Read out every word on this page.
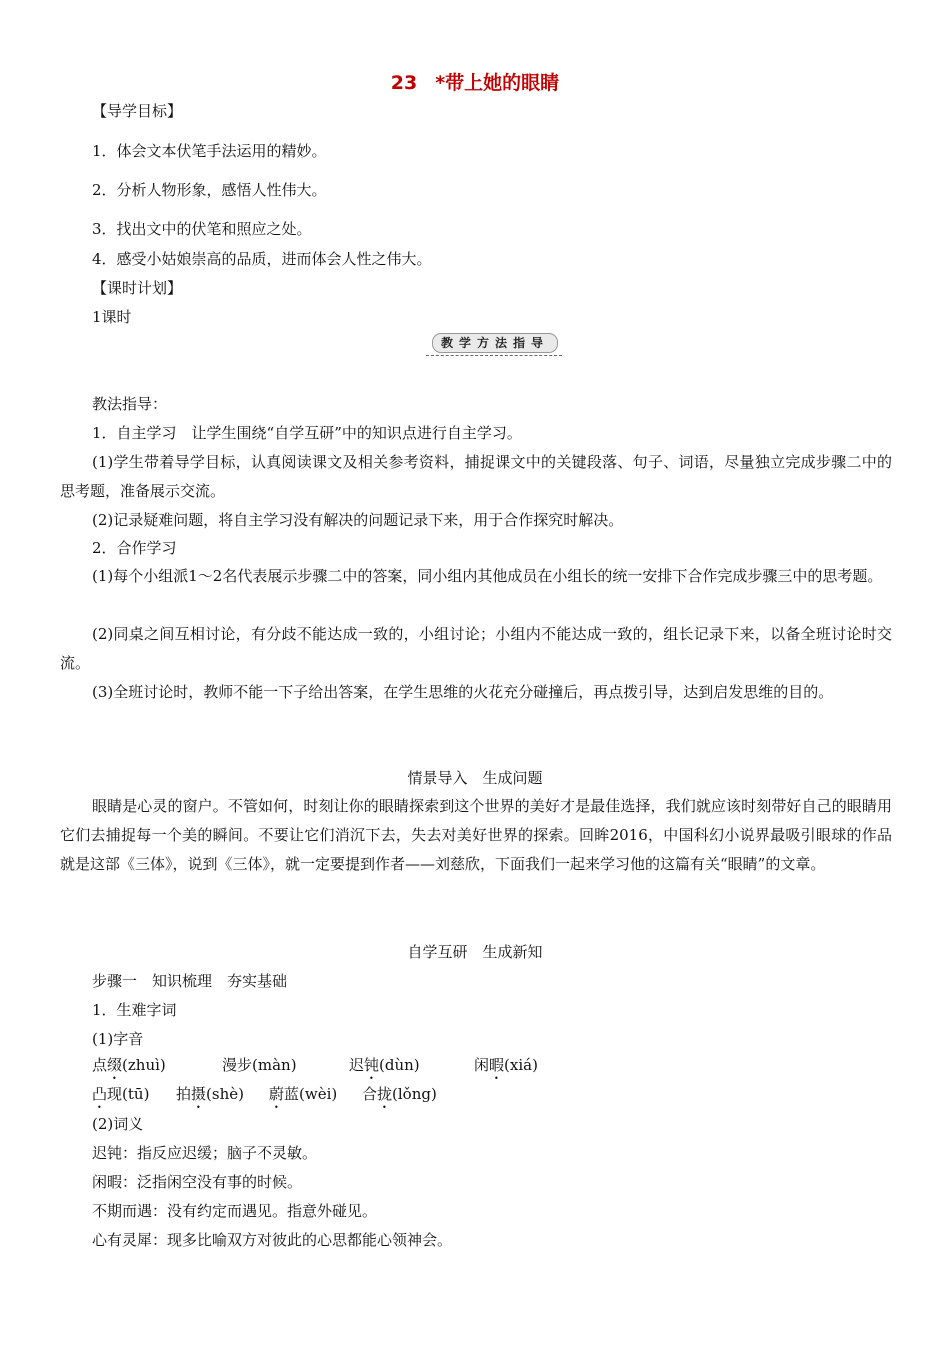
23 *带上她的眼睛
【导学目标】
1．体会文本伏笔手法运用的精妙。
2．分析人物形象，感悟人性伟大。
3．找出文中的伏笔和照应之处。
4．感受小姑娘崇高的品质，进而体会人性之伟大。
【课时计划】
1课时
教学方法指导
教法指导：
1．自主学习　让学生围绕“自学互研”中的知识点进行自主学习。
(1)学生带着导学目标，认真阅读课文及相关参考资料，捕捉课文中的关键段落、句子、词语，尽量独立完成步骤二中的思考题，准备展示交流。
(2)记录疑难问题，将自主学习没有解决的问题记录下来，用于合作探究时解决。
2．合作学习
(1)每个小组派1～2名代表展示步骤二中的答案，同小组内其他成员在小组长的统一安排下合作完成步骤三中的思考题。
(2)同桌之间互相讨论，有分歧不能达成一致的，小组讨论；小组内不能达成一致的，组长记录下来，以备全班讨论时交流。
(3)全班讨论时，教师不能一下子给出答案，在学生思维的火花充分碰撞后，再点拨引导，达到启发思维的目的。
情景导入　生成问题
眼睛是心灵的窗户。不管如何，时刻让你的眼睛探索到这个世界的美好才是最佳选择，我们就应该时刻带好自己的眼睛用它们去捕捉每一个美的瞬间。不要让它们消沉下去，失去对美好世界的探索。回眸2016，中国科幻小说界最吸引眼球的作品就是这部《三体》，说到《三体》，就一定要提到作者——刘慈欣，下面我们一起来学习他的这篇有关“眼睛”的文章。
自学互研　生成新知
步骤一　知识梳理　夯实基础
1．生难字词
(1)字音
点缀(zhuì)	漫步(màn)	迟钝(dùn)	闲暇(xiá)
凸现(tū) 拍摄(shè) 蔚蓝(wèi) 合拢(lǒng)
(2)词义
迟钝：指反应迟缓；脑子不灵敏。
闲暇：泛指闲空没有事的时候。
不期而遇：没有约定而遇见。指意外碰见。
心有灵犀：现多比喻双方对彼此的心思都能心领神会。
